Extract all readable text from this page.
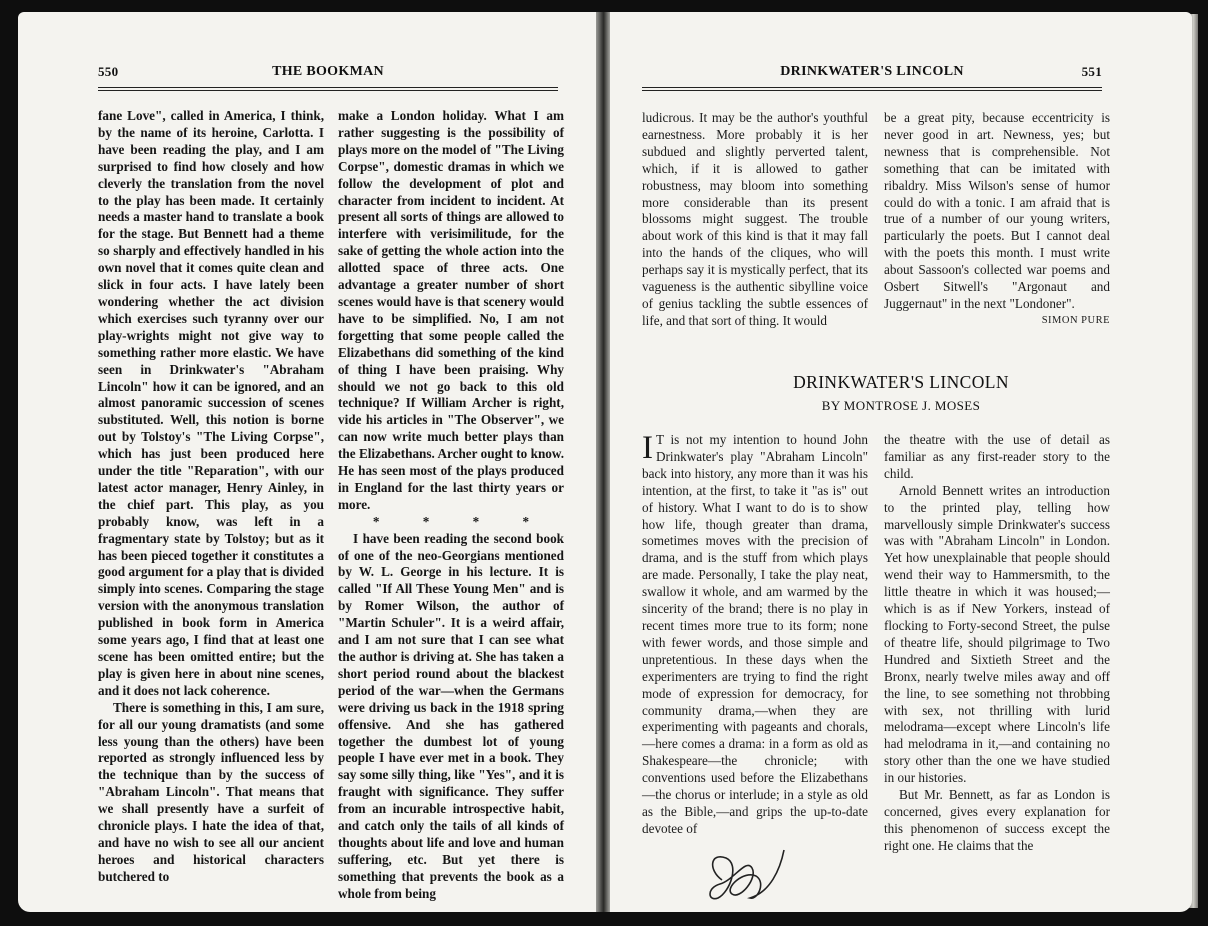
550	THE BOOKMAN

fane Love", called in America, I think, by the name of its heroine, Carlotta. I have been reading the play, and I am surprised to find how closely and how cleverly the translation from the novel to the play has been made. It certainly needs a master hand to translate a book for the stage. But Bennett had a theme so sharply and effectively handled in his own novel that it comes quite clean and slick in four acts. I have lately been wondering whether the act division which exercises such tyranny over our play-wrights might not give way to something rather more elastic. We have seen in Drinkwater's "Abraham Lincoln" how it can be ignored, and an almost panoramic succession of scenes substituted. Well, this notion is borne out by Tolstoy's "The Living Corpse", which has just been produced here under the title "Reparation", with our latest actor manager, Henry Ainley, in the chief part. This play, as you probably know, was left in a fragmentary state by Tolstoy; but as it has been pieced together it constitutes a good argument for a play that is divided simply into scenes. Comparing the stage version with the anonymous translation published in book form in America some years ago, I find that at least one scene has been omitted entire; but the play is given here in about nine scenes, and it does not lack coherence.

There is something in this, I am sure, for all our young dramatists (and some less young than the others) have been reported as strongly influenced less by the technique than by the success of "Abraham Lincoln". That means that we shall presently have a surfeit of chronicle plays. I hate the idea of that, and have no wish to see all our ancient heroes and historical characters butchered to

make a London holiday. What I am rather suggesting is the possibility of plays more on the model of "The Living Corpse", domestic dramas in which we follow the development of plot and character from incident to incident. At present all sorts of things are allowed to interfere with verisimilitude, for the sake of getting the whole action into the allotted space of three acts. One advantage a greater number of short scenes would have is that scenery would have to be simplified. No, I am not forgetting that some people called the Elizabethans did something of the kind of thing I have been praising. Why should we not go back to this old technique? If William Archer is right, vide his articles in "The Observer", we can now write much better plays than the Elizabethans. Archer ought to know. He has seen most of the plays produced in England for the last thirty years or more.

* * * *

I have been reading the second book of one of the neo-Georgians mentioned by W. L. George in his lecture. It is called "If All These Young Men" and is by Romer Wilson, the author of "Martin Schuler". It is a weird affair, and I am not sure that I can see what the author is driving at. She has taken a short period round about the blackest period of the war—when the Germans were driving us back in the 1918 spring offensive. And she has gathered together the dumbest lot of young people I have ever met in a book. They say some silly thing, like "Yes", and it is fraught with significance. They suffer from an incurable introspective habit, and catch only the tails of all kinds of thoughts about life and love and human suffering, etc. But yet there is something that prevents the book as a whole from being

DRINKWATER'S LINCOLN	551

ludicrous. It may be the author's youthful earnestness. More probably it is her subdued and slightly perverted talent, which, if it is allowed to gather robustness, may bloom into something more considerable than its present blossoms might suggest. The trouble about work of this kind is that it may fall into the hands of the cliques, who will perhaps say it is mystically perfect, that its vagueness is the authentic sibylline voice of genius tackling the subtle essences of life, and that sort of thing. It would

be a great pity, because eccentricity is never good in art. Newness, yes; but newness that is comprehensible. Not something that can be imitated with ribaldry. Miss Wilson's sense of humor could do with a tonic. I am afraid that is true of a number of our young writers, particularly the poets. But I cannot deal with the poets this month. I must write about Sassoon's collected war poems and Osbert Sitwell's "Argonaut and Juggernaut" in the next "Londoner".

SIMON PURE

DRINKWATER'S LINCOLN
BY MONTROSE J. MOSES

I T is not my intention to hound John Drinkwater's play "Abraham Lincoln" back into history, any more than it was his intention, at the first, to take it "as is" out of history. What I want to do is to show how life, though greater than drama, sometimes moves with the precision of drama, and is the stuff from which plays are made. Personally, I take the play neat, swallow it whole, and am warmed by the sincerity of the brand; there is no play in recent times more true to its form; none with fewer words, and those simple and unpretentious. In these days when the experimenters are trying to find the right mode of expression for democracy, for community drama,—when they are experimenting with pageants and chorals,—here comes a drama: in a form as old as Shakespeare—the chronicle; with conventions used before the Elizabethans—the chorus or interlude; in a style as old as the Bible,—and grips the up-to-date devotee of

the theatre with the use of detail as familiar as any first-reader story to the child.

Arnold Bennett writes an introduction to the printed play, telling how marvellously simple Drinkwater's success was with "Abraham Lincoln" in London. Yet how unexplainable that people should wend their way to Hammersmith, to the little theatre in which it was housed;—which is as if New Yorkers, instead of flocking to Forty-second Street, the pulse of theatre life, should pilgrimage to Two Hundred and Sixtieth Street and the Bronx, nearly twelve miles away and off the line, to see something not throbbing with sex, not thrilling with lurid melodrama—except where Lincoln's life had melodrama in it,—and containing no story other than the one we have studied in our histories.

But Mr. Bennett, as far as London is concerned, gives every explanation for this phenomenon of success except the right one. He claims that the
